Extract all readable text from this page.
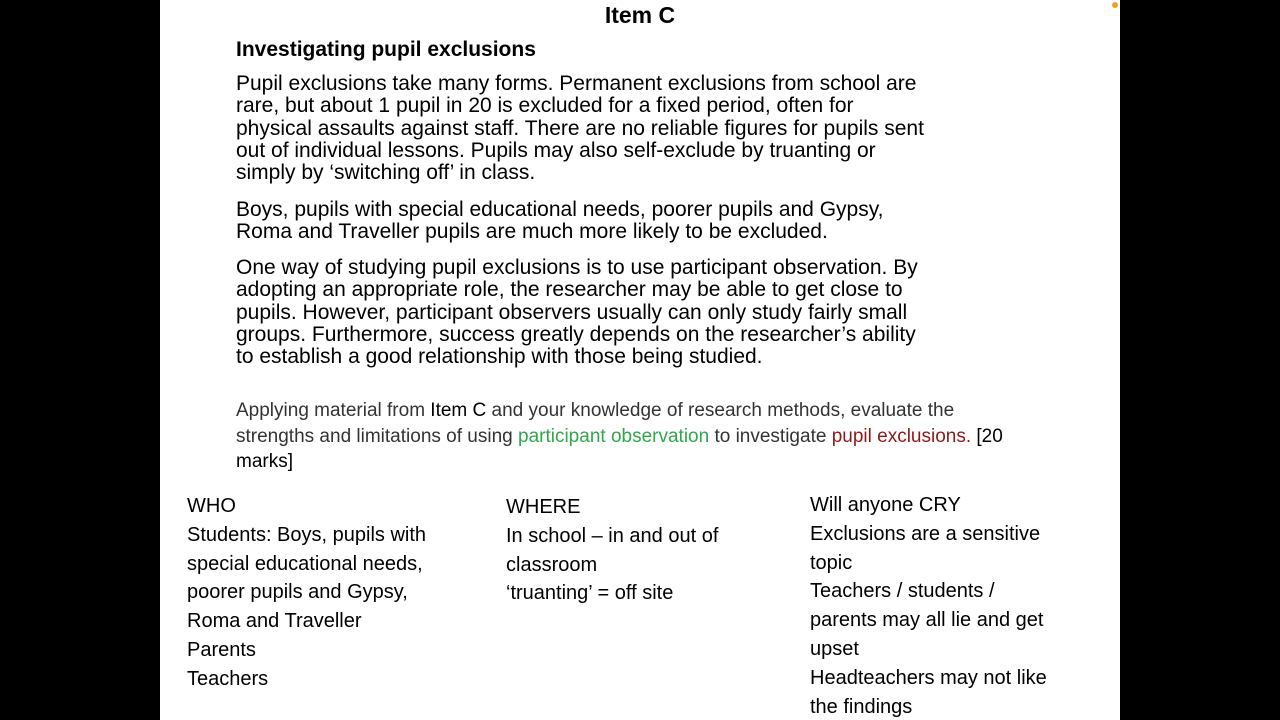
Item C
Investigating pupil exclusions

Pupil exclusions take many forms. Permanent exclusions from school are
rare, but about 1 pupil in 20 is excluded for a fixed period, often for
physical assaults against staff. There are no reliable figures for pupils sent
out of individual lessons. Pupils may also self-exclude by truanting or
simply by ‘switching off’ in class.

Boys, pupils with special educational needs, poorer pupils and Gypsy,
Roma and Traveller pupils are much more likely to be excluded.

One way of studying pupil exclusions is to use participant observation. By
adopting an appropriate role, the researcher may be able to get close to
pupils. However, participant observers usually can only study fairly small
groups. Furthermore, success greatly depends on the researcher’s ability
to establish a good relationship with those being studied.

Applying material from Item C and your knowledge of research methods, evaluate the strengths and limitations of using participant observation to investigate pupil exclusions. [20 marks]

WHO
Students: Boys, pupils with
special educational needs,
poorer pupils and Gypsy,
Roma and Traveller
Parents
Teachers
WHERE
In school – in and out of
classroom
‘truanting’ = off site
Will anyone CRY
Exclusions are a sensitive
topic
Teachers / students /
parents may all lie and get
upset
Headteachers may not like
the findings
